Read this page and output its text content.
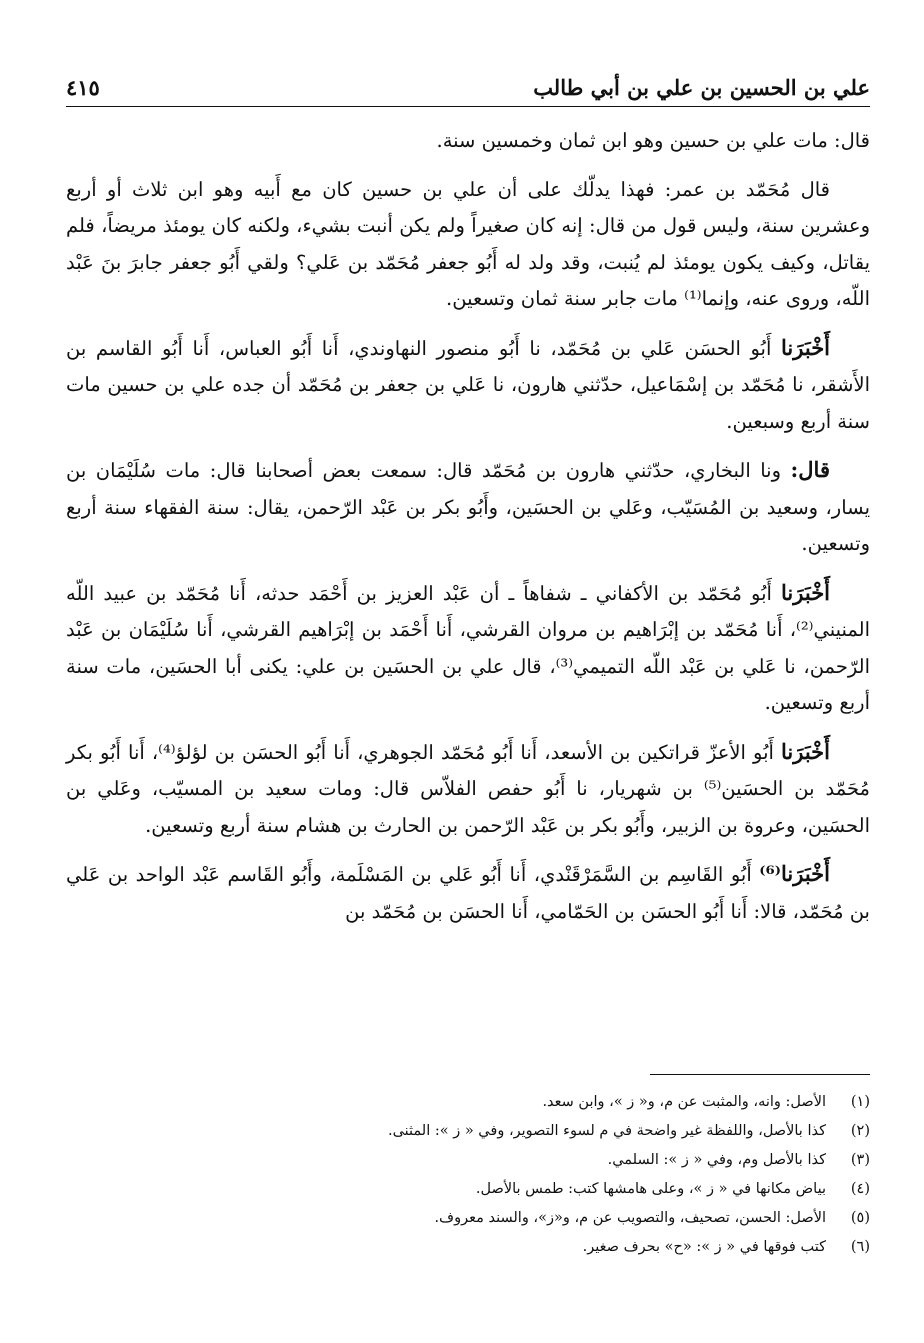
علي بن الحسين بن علي بن أبي طالب
٤١٥

قال: مات علي بن حسين وهو ابن ثمان وخمسين سنة.

قال مُحَمّد بن عمر: فهذا يدلّك على أن علي بن حسين كان مع أَبيه وهو ابن ثلاث أو أربع وعشرين سنة، وليس قول من قال: إنه كان صغيراً ولم يكن أنبت بشيء، ولكنه كان يومئذ مريضاً، فلم يقاتل، وكيف يكون يومئذ لم يُنبت، وقد ولد له أَبُو جعفر مُحَمّد بن عَلي؟ ولقي أَبُو جعفر جابرَ بنَ عَبْد اللّه، وروى عنه، وإنما⁽¹⁾ مات جابر سنة ثمان وتسعين.

أَخْبَرَنا أَبُو الحسَن عَلي بن مُحَمّد، نا أَبُو منصور النهاوندي، أَنا أَبُو العباس، أَنا أَبُو القاسم بن الأَشقر، نا مُحَمّد بن إسْمَاعيل، حدّثني هارون، نا عَلي بن جعفر بن مُحَمّد أن جده علي بن حسين مات سنة أربع وسبعين.

قال: ونا البخاري، حدّثني هارون بن مُحَمّد قال: سمعت بعض أصحابنا قال: مات سُلَيْمَان بن يسار، وسعيد بن المُسَيّب، وعَلي بن الحسَين، وأَبُو بكر بن عَبْد الرّحمن، يقال: سنة الفقهاء سنة أربع وتسعين.

أَخْبَرَنا أَبُو مُحَمّد بن الأكفاني ـ شفاهاً ـ أن عَبْد العزيز بن أَحْمَد حدثه، أَنا مُحَمّد بن عبيد اللّه المنيني⁽²⁾، أَنا مُحَمّد بن إبْرَاهيم بن مروان القرشي، أَنا أَحْمَد بن إبْرَاهيم القرشي، أَنا سُلَيْمَان بن عَبْد الرّحمن، نا عَلي بن عَبْد اللّه التميمي⁽³⁾، قال علي بن الحسَين بن علي: يكنى أبا الحسَين، مات سنة أربع وتسعين.

أَخْبَرَنا أَبُو الأعزّ قراتكين بن الأسعد، أَنا أَبُو مُحَمّد الجوهري، أَنا أَبُو الحسَن بن لؤلؤ⁽⁴⁾، أَنا أَبُو بكر مُحَمّد بن الحسَين⁽⁵⁾ بن شهريار، نا أَبُو حفص الفلاّس قال: ومات سعيد بن المسيّب، وعَلي بن الحسَين، وعروة بن الزبير، وأَبُو بكر بن عَبْد الرّحمن بن الحارث بن هشام سنة أربع وتسعين.

أَخْبَرَنا⁽⁶⁾ أَبُو القَاسِم بن السَّمَرْقَنْدي، أَنا أَبُو عَلي بن المَسْلَمة، وأَبُو القَاسم عَبْد الواحد بن عَلي بن مُحَمّد، قالا: أَنا أَبُو الحسَن بن الحَمّامي، أَنا الحسَن بن مُحَمّد بن

(١)
الأصل: وانه، والمثبت عن م، و« ز »، وابن سعد.
(٢)
كذا بالأصل، واللفظة غير واضحة في م لسوء التصوير، وفي « ز »: المثنى.
(٣)
كذا بالأصل وم، وفي « ز »: السلمي.
(٤)
بياض مكانها في « ز »، وعلى هامشها كتب: طمس بالأصل.
(٥)
الأصل: الحسن، تصحيف، والتصويب عن م، و«ز»، والسند معروف.
(٦)
كتب فوقها في « ز »: «ح» بحرف صغير.
